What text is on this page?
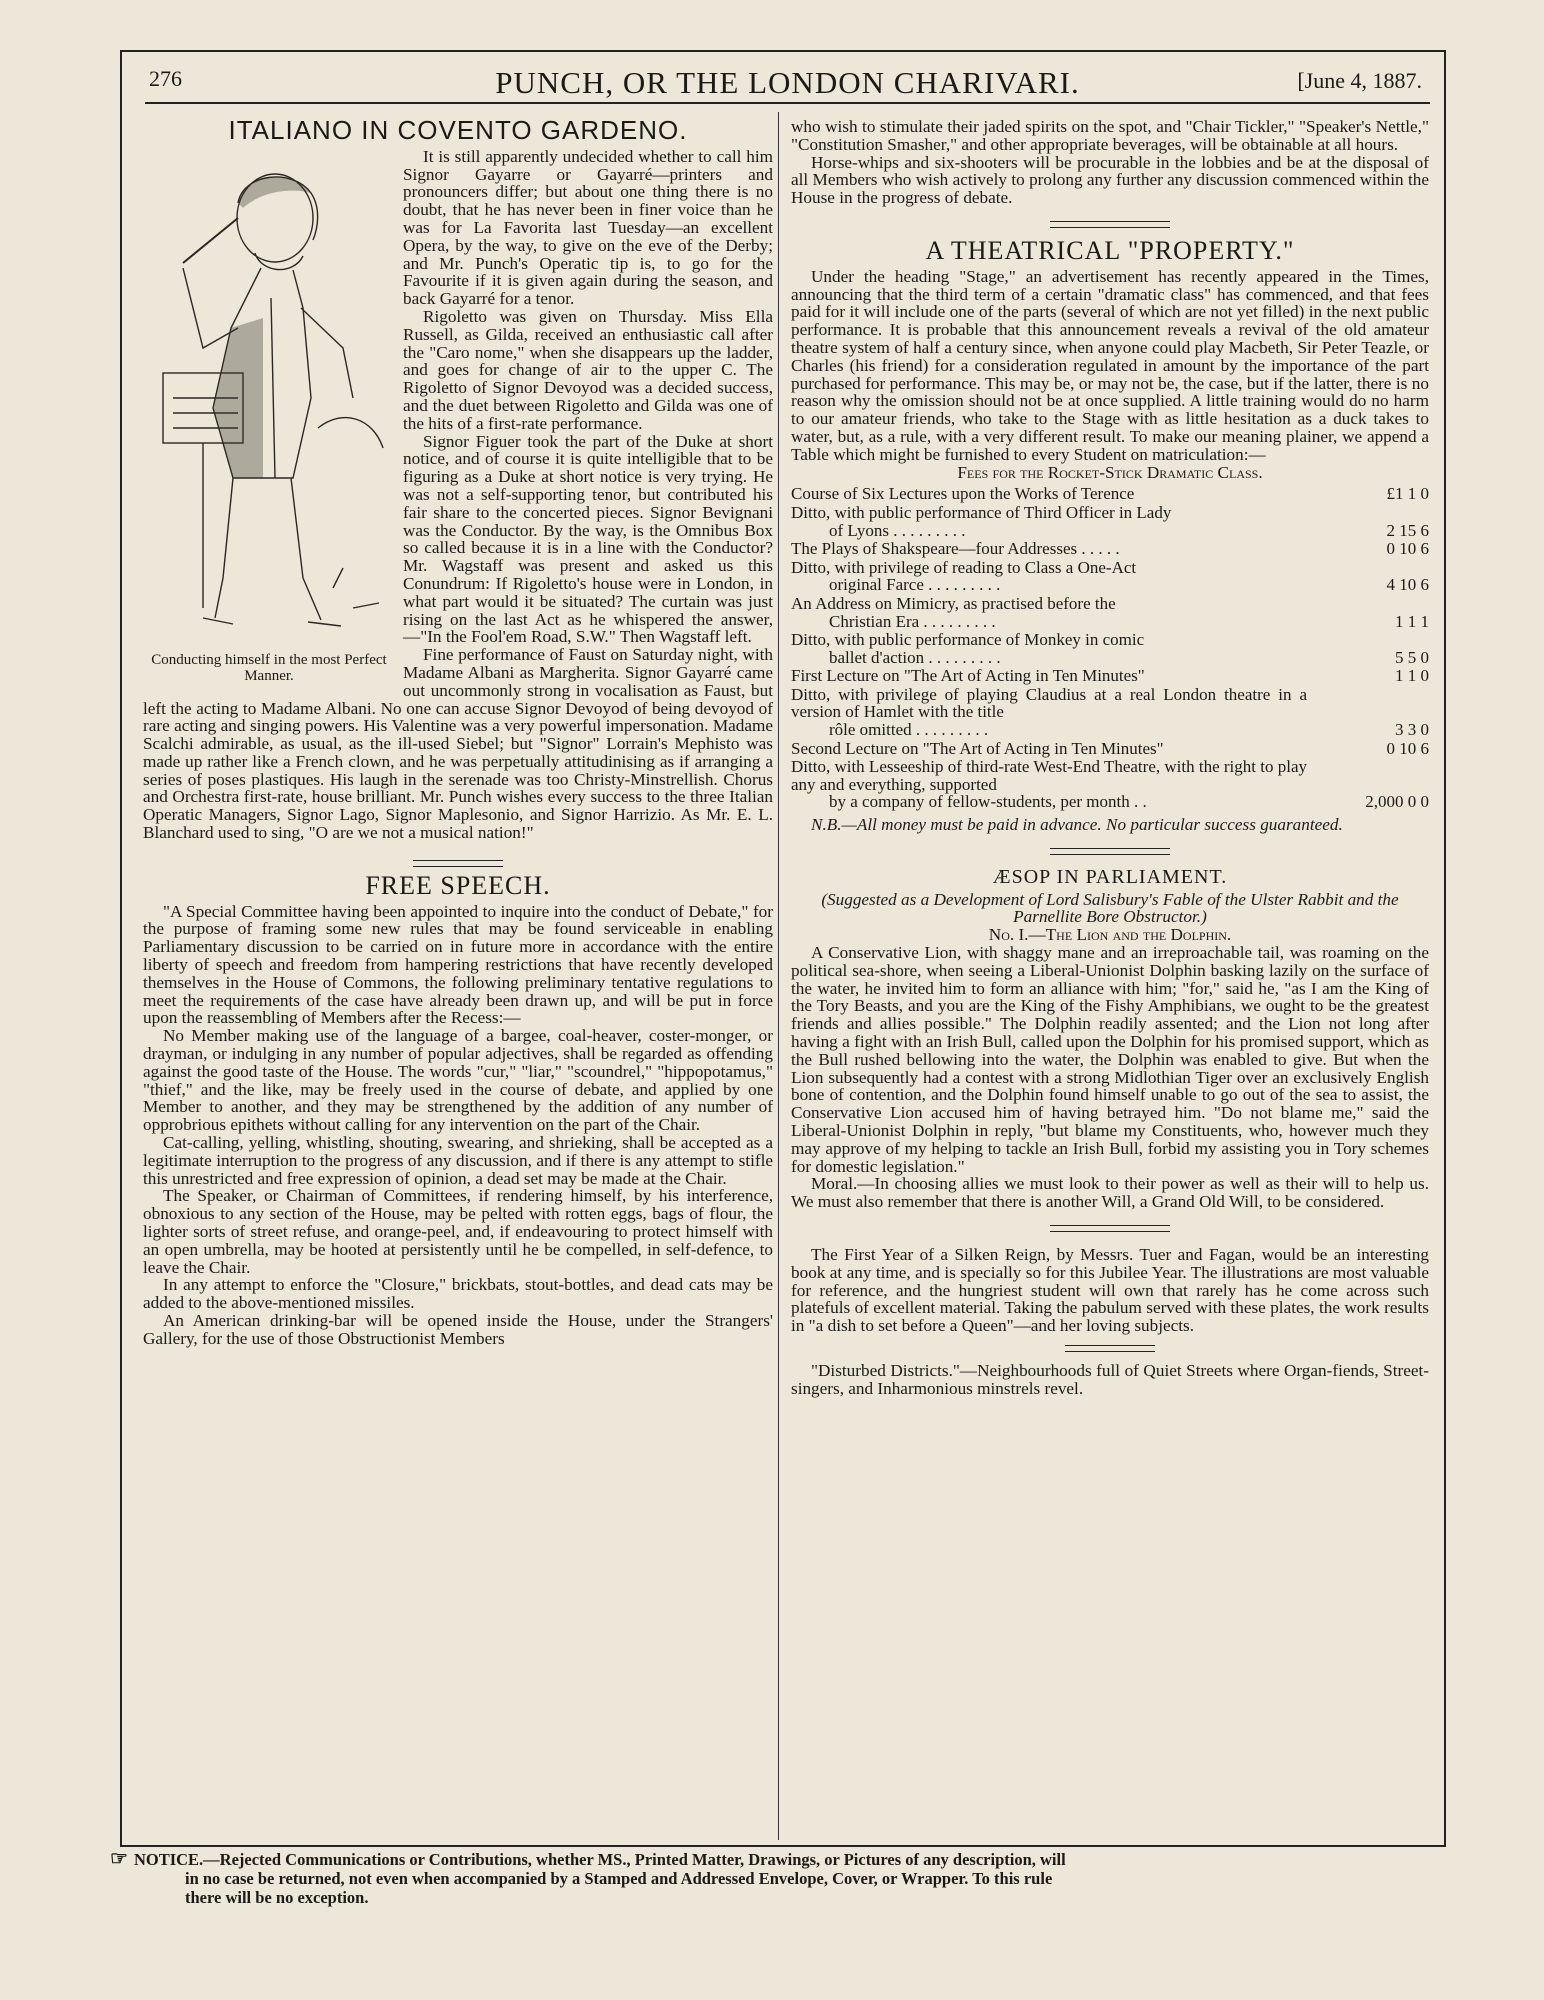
276	PUNCH, OR THE LONDON CHARIVARI.	[June 4, 1887.
ITALIANO IN COVENTO GARDENO.
Conducting himself in the most Perfect Manner.

It is still apparently undecided whether to call him Signor Gayarre or Gayarré—printers and pronouncers differ; but about one thing there is no doubt, that he has never been in finer voice than he was for La Favorita last Tuesday—an excellent Opera, by the way, to give on the eve of the Derby; and Mr. Punch's Operatic tip is, to go for the Favourite if it is given again during the season, and back Gayarré for a tenor.

Rigoletto was given on Thursday. Miss Ella Russell, as Gilda, received an enthusiastic call after the "Caro nome," when she disappears up the ladder, and goes for change of air to the upper C. The Rigoletto of Signor Devoyod was a decided success, and the duet between Rigoletto and Gilda was one of the hits of a first-rate performance.

Signor Figuer took the part of the Duke at short notice, and of course it is quite intelligible that to be figuring as a Duke at short notice is very trying. He was not a self-supporting tenor, but contributed his fair share to the concerted pieces. Signor Bevignani was the Conductor. By the way, is the Omnibus Box so called because it is in a line with the Conductor? Mr. Wagstaff was present and asked us this Conundrum: If Rigoletto's house were in London, in what part would it be situated? The curtain was just rising on the last Act as he whispered the answer,—"In the Fool'em Road, S.W." Then Wagstaff left.

Fine performance of Faust on Saturday night, with Madame Albani as Margherita. Signor Gayarré came out uncommonly strong in vocalisation as Faust, but left the acting to Madame Albani. No one can accuse Signor Devoyod of being devoyod of rare acting and singing powers. His Valentine was a very powerful impersonation. Madame Scalchi admirable, as usual, as the ill-used Siebel; but "Signor" Lorrain's Mephisto was made up rather like a French clown, and he was perpetually attitudinising as if arranging a series of poses plastiques. His laugh in the serenade was too Christy-Minstrellish. Chorus and Orchestra first-rate, house brilliant. Mr. Punch wishes every success to the three Italian Operatic Managers, Signor Lago, Signor Maplesonio, and Signor Harrizio. As Mr. E. L. Blanchard used to sing, "O are we not a musical nation!"

FREE SPEECH.

"A Special Committee having been appointed to inquire into the conduct of Debate," for the purpose of framing some new rules that may be found serviceable in enabling Parliamentary discussion to be carried on in future more in accordance with the entire liberty of speech and freedom from hampering restrictions that have recently developed themselves in the House of Commons, the following preliminary tentative regulations to meet the requirements of the case have already been drawn up, and will be put in force upon the reassembling of Members after the Recess:—

No Member making use of the language of a bargee, coal-heaver, coster-monger, or drayman, or indulging in any number of popular adjectives, shall be regarded as offending against the good taste of the House. The words "cur," "liar," "scoundrel," "hippopotamus," "thief," and the like, may be freely used in the course of debate, and applied by one Member to another, and they may be strengthened by the addition of any number of opprobrious epithets without calling for any intervention on the part of the Chair.

Cat-calling, yelling, whistling, shouting, swearing, and shrieking, shall be accepted as a legitimate interruption to the progress of any discussion, and if there is any attempt to stifle this unrestricted and free expression of opinion, a dead set may be made at the Chair.

The Speaker, or Chairman of Committees, if rendering himself, by his interference, obnoxious to any section of the House, may be pelted with rotten eggs, bags of flour, the lighter sorts of street refuse, and orange-peel, and, if endeavouring to protect himself with an open umbrella, may be hooted at persistently until he be compelled, in self-defence, to leave the Chair.

In any attempt to enforce the "Closure," brickbats, stout-bottles, and dead cats may be added to the above-mentioned missiles.

An American drinking-bar will be opened inside the House, under the Strangers' Gallery, for the use of those Obstructionist Members

who wish to stimulate their jaded spirits on the spot, and "Chair Tickler," "Speaker's Nettle," "Constitution Smasher," and other appropriate beverages, will be obtainable at all hours.

Horse-whips and six-shooters will be procurable in the lobbies and be at the disposal of all Members who wish actively to prolong any further any discussion commenced within the House in the progress of debate.

A THEATRICAL "PROPERTY."

Under the heading "Stage," an advertisement has recently appeared in the Times, announcing that the third term of a certain "dramatic class" has commenced, and that fees paid for it will include one of the parts (several of which are not yet filled) in the next public performance. It is probable that this announcement reveals a revival of the old amateur theatre system of half a century since, when anyone could play Macbeth, Sir Peter Teazle, or Charles (his friend) for a consideration regulated in amount by the importance of the part purchased for performance. This may be, or may not be, the case, but if the latter, there is no reason why the omission should not be at once supplied. A little training would do no harm to our amateur friends, who take to the Stage with as little hesitation as a duck takes to water, but, as a rule, with a very different result. To make our meaning plainer, we append a Table which might be furnished to every Student on matriculation:—

Fees for the Rocket-Stick Dramatic Class.

Course of Six Lectures upon the Works of Terence	£1 1 0
Ditto, with public performance of Third Officer in Lady
of Lyons . . . . . . . . .	2 15 6
The Plays of Shakspeare—four Addresses . . . . .	0 10 6
Ditto, with privilege of reading to Class a One-Act
original Farce . . . . . . . . .	4 10 6
An Address on Mimicry, as practised before the
Christian Era . . . . . . . . .	1 1 1
Ditto, with public performance of Monkey in comic
ballet d'action . . . . . . . . .	5 5 0
First Lecture on "The Art of Acting in Ten Minutes"	1 1 0
Ditto, with privilege of playing Claudius at a real London theatre in a version of Hamlet with the title
rôle omitted . . . . . . . . .	3 3 0
Second Lecture on "The Art of Acting in Ten Minutes"	0 10 6
Ditto, with Lesseeship of third-rate West-End Theatre, with the right to play any and everything, supported
by a company of fellow-students, per month . .	2,000 0 0

N.B.—All money must be paid in advance. No particular success guaranteed.

ÆSOP IN PARLIAMENT.

(Suggested as a Development of Lord Salisbury's Fable of the Ulster Rabbit and the Parnellite Bore Obstructor.)

No. I.—The Lion and the Dolphin.

A Conservative Lion, with shaggy mane and an irreproachable tail, was roaming on the political sea-shore, when seeing a Liberal-Unionist Dolphin basking lazily on the surface of the water, he invited him to form an alliance with him; "for," said he, "as I am the King of the Tory Beasts, and you are the King of the Fishy Amphibians, we ought to be the greatest friends and allies possible." The Dolphin readily assented; and the Lion not long after having a fight with an Irish Bull, called upon the Dolphin for his promised support, which as the Bull rushed bellowing into the water, the Dolphin was enabled to give. But when the Lion subsequently had a contest with a strong Midlothian Tiger over an exclusively English bone of contention, and the Dolphin found himself unable to go out of the sea to assist, the Conservative Lion accused him of having betrayed him. "Do not blame me," said the Liberal-Unionist Dolphin in reply, "but blame my Constituents, who, however much they may approve of my helping to tackle an Irish Bull, forbid my assisting you in Tory schemes for domestic legislation."

Moral.—In choosing allies we must look to their power as well as their will to help us. We must also remember that there is another Will, a Grand Old Will, to be considered.

The First Year of a Silken Reign, by Messrs. Tuer and Fagan, would be an interesting book at any time, and is specially so for this Jubilee Year. The illustrations are most valuable for reference, and the hungriest student will own that rarely has he come across such platefuls of excellent material. Taking the pabulum served with these plates, the work results in "a dish to set before a Queen"—and her loving subjects.

"Disturbed Districts."—Neighbourhoods full of Quiet Streets where Organ-fiends, Street-singers, and Inharmonious minstrels revel.

☞ NOTICE.—Rejected Communications or Contributions, whether MS., Printed Matter, Drawings, or Pictures of any description, will
in no case be returned, not even when accompanied by a Stamped and Addressed Envelope, Cover, or Wrapper. To this rule
there will be no exception.
